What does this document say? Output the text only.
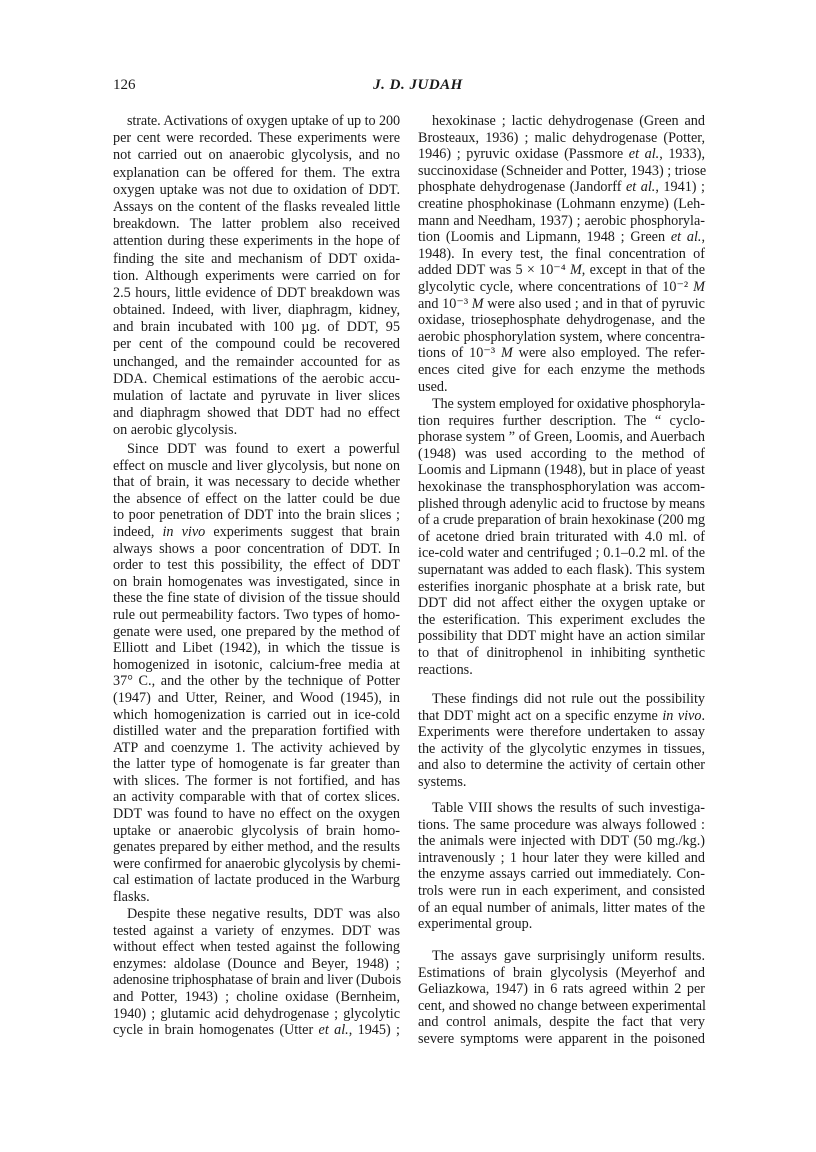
126	J. D. JUDAH
strate. Activations of oxygen uptake of up to 200
per cent were recorded. These experiments were
not carried out on anaerobic glycolysis, and no
explanation can be offered for them. The extra
oxygen uptake was not due to oxidation of DDT.
Assays on the content of the flasks revealed little
breakdown. The latter problem also received
attention during these experiments in the hope of
finding the site and mechanism of DDT oxida-
tion. Although experiments were carried on for
2.5 hours, little evidence of DDT breakdown was
obtained. Indeed, with liver, diaphragm, kidney,
and brain incubated with 100 µg. of DDT, 95
per cent of the compound could be recovered
unchanged, and the remainder accounted for as
DDA. Chemical estimations of the aerobic accu-
mulation of lactate and pyruvate in liver slices
and diaphragm showed that DDT had no effect
on aerobic glycolysis.
Since DDT was found to exert a powerful
effect on muscle and liver glycolysis, but none on
that of brain, it was necessary to decide whether
the absence of effect on the latter could be due
to poor penetration of DDT into the brain slices ;
indeed, in vivo experiments suggest that brain
always shows a poor concentration of DDT. In
order to test this possibility, the effect of DDT
on brain homogenates was investigated, since in
these the fine state of division of the tissue should
rule out permeability factors. Two types of homo-
genate were used, one prepared by the method of
Elliott and Libet (1942), in which the tissue is
homogenized in isotonic, calcium-free media at
37° C., and the other by the technique of Potter
(1947) and Utter, Reiner, and Wood (1945), in
which homogenization is carried out in ice-cold
distilled water and the preparation fortified with
ATP and coenzyme 1. The activity achieved by
the latter type of homogenate is far greater than
with slices. The former is not fortified, and has
an activity comparable with that of cortex slices.
DDT was found to have no effect on the oxygen
uptake or anaerobic glycolysis of brain homo-
genates prepared by either method, and the results
were confirmed for anaerobic glycolysis by chemi-
cal estimation of lactate produced in the Warburg
flasks.
Despite these negative results, DDT was also
tested against a variety of enzymes. DDT was
without effect when tested against the following
enzymes: aldolase (Dounce and Beyer, 1948) ;
adenosine triphosphatase of brain and liver (Dubois
and Potter, 1943) ; choline oxidase (Bernheim,
1940) ; glutamic acid dehydrogenase ; glycolytic
cycle in brain homogenates (Utter et al., 1945) ;
hexokinase ; lactic dehydrogenase (Green and
Brosteaux, 1936) ; malic dehydrogenase (Potter,
1946) ; pyruvic oxidase (Passmore et al., 1933),
succinoxidase (Schneider and Potter, 1943) ; triose
phosphate dehydrogenase (Jandorff et al., 1941) ;
creatine phosphokinase (Lohmann enzyme) (Leh-
mann and Needham, 1937) ; aerobic phosphoryla-
tion (Loomis and Lipmann, 1948 ; Green et al.,
1948). In every test, the final concentration of
added DDT was 5 × 10⁻⁴ M, except in that of the
glycolytic cycle, where concentrations of 10⁻² M
and 10⁻³ M were also used ; and in that of pyruvic
oxidase, triosephosphate dehydrogenase, and the
aerobic phosphorylation system, where concentra-
tions of 10⁻³ M were also employed. The refer-
ences cited give for each enzyme the methods
used.
The system employed for oxidative phosphoryla-
tion requires further description. The “ cyclo-
phorase system ” of Green, Loomis, and Auerbach
(1948) was used according to the method of
Loomis and Lipmann (1948), but in place of yeast
hexokinase the transphosphorylation was accom-
plished through adenylic acid to fructose by means
of a crude preparation of brain hexokinase (200 mg
of acetone dried brain triturated with 4.0 ml. of
ice-cold water and centrifuged ; 0.1–0.2 ml. of the
supernatant was added to each flask). This system
esterifies inorganic phosphate at a brisk rate, but
DDT did not affect either the oxygen uptake or
the esterification. This experiment excludes the
possibility that DDT might have an action similar
to that of dinitrophenol in inhibiting synthetic
reactions.
These findings did not rule out the possibility
that DDT might act on a specific enzyme in vivo.
Experiments were therefore undertaken to assay
the activity of the glycolytic enzymes in tissues,
and also to determine the activity of certain other
systems.
Table VIII shows the results of such investiga-
tions. The same procedure was always followed :
the animals were injected with DDT (50 mg./kg.)
intravenously ; 1 hour later they were killed and
the enzyme assays carried out immediately. Con-
trols were run in each experiment, and consisted
of an equal number of animals, litter mates of the
experimental group.
The assays gave surprisingly uniform results.
Estimations of brain glycolysis (Meyerhof and
Geliazkowa, 1947) in 6 rats agreed within 2 per
cent, and showed no change between experimental
and control animals, despite the fact that very
severe symptoms were apparent in the poisoned
